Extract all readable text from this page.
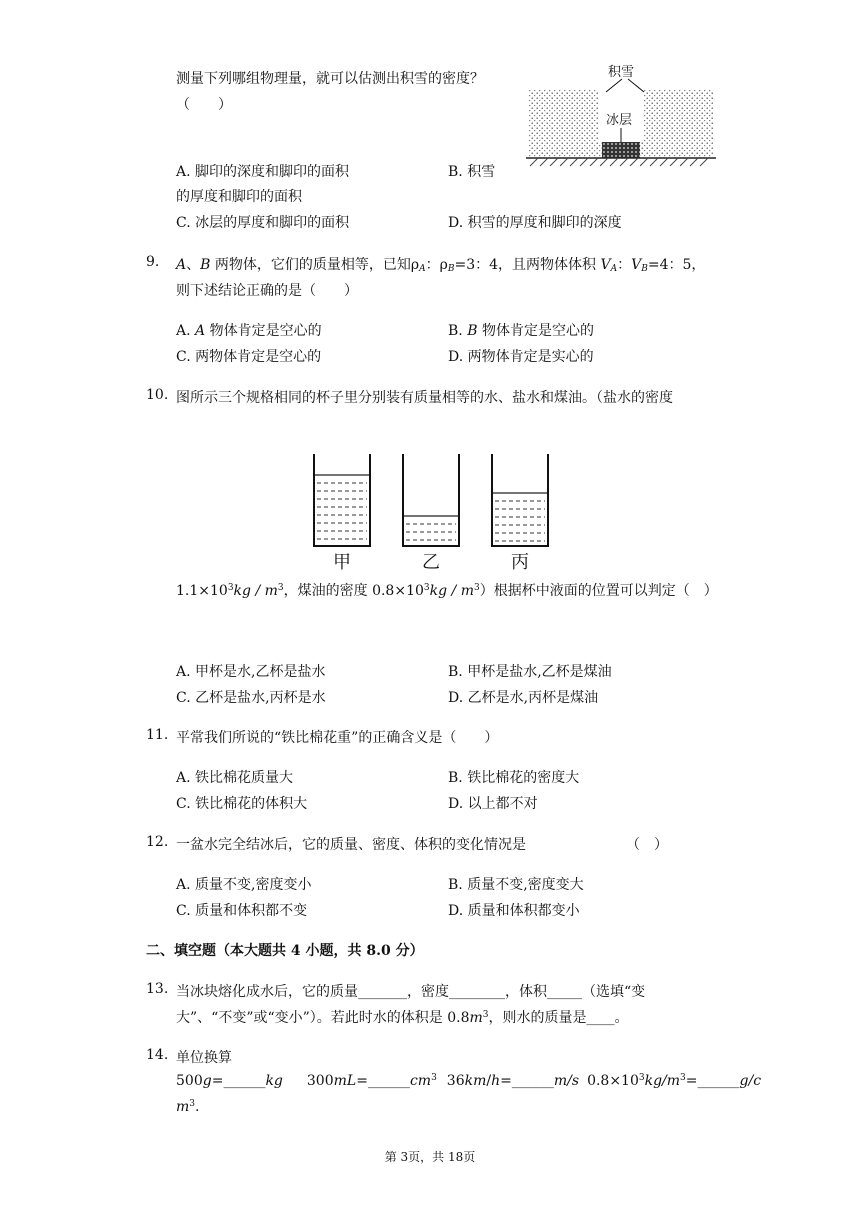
测量下列哪组物理量，就可以估测出积雪的密度？
（　　）
积雪
冰层
A. 脚印的深度和脚印的面积	B. 积雪
的厚度和脚印的面积
C. 冰层的厚度和脚印的面积	D. 积雪的厚度和脚印的深度
9. A、B 两物体，它们的质量相等，已知$\rho_A$：$\rho_B=3$：4，且两物体体积 $V_A$：$V_B=4$：5，
则下述结论正确的是（　　）
A. A 物体肯定是空心的	B. B 物体肯定是空心的
C. 两物体肯定是空心的	D. 两物体肯定是实心的
10. 图所示三个规格相同的杯子里分别装有质量相等的水、盐水和煤油。（盐水的密度
甲	乙	丙
$1.1\times 10^3kg / m^3$，煤油的密度 $0.8\times 10^3kg / m^3$）根据杯中液面的位置可以判定（　）
A. 甲杯是水,乙杯是盐水	B. 甲杯是盐水,乙杯是煤油
C. 乙杯是盐水,丙杯是水	D. 乙杯是水,丙杯是煤油
11. 平常我们所说的“铁比棉花重”的正确含义是（　　）
A. 铁比棉花质量大	B. 铁比棉花的密度大
C. 铁比棉花的体积大	D. 以上都不对
12. 一盆水完全结冰后，它的质量、密度、体积的变化情况是	（　）
A. 质量不变,密度变小	B. 质量不变,密度变大
C. 质量和体积都不变	D. 质量和体积都变小
二、填空题（本大题共 4 小题，共 8.0 分）
13. 当冰块熔化成水后，它的质量_______，密度________，体积_____（选填“变
大”、“不变”或“变小”）。若此时水的体积是 $0.8m^3$，则水的质量是____。
14. 单位换算
500g=______kg $300mL=\_\_\_\_\_\_cm^3$ 36km/h=______m/s $0.8\times 10^3kg/m^3=\_\_\_\_\_\_g/c$
$m^3$.
第 3页，共 18页
